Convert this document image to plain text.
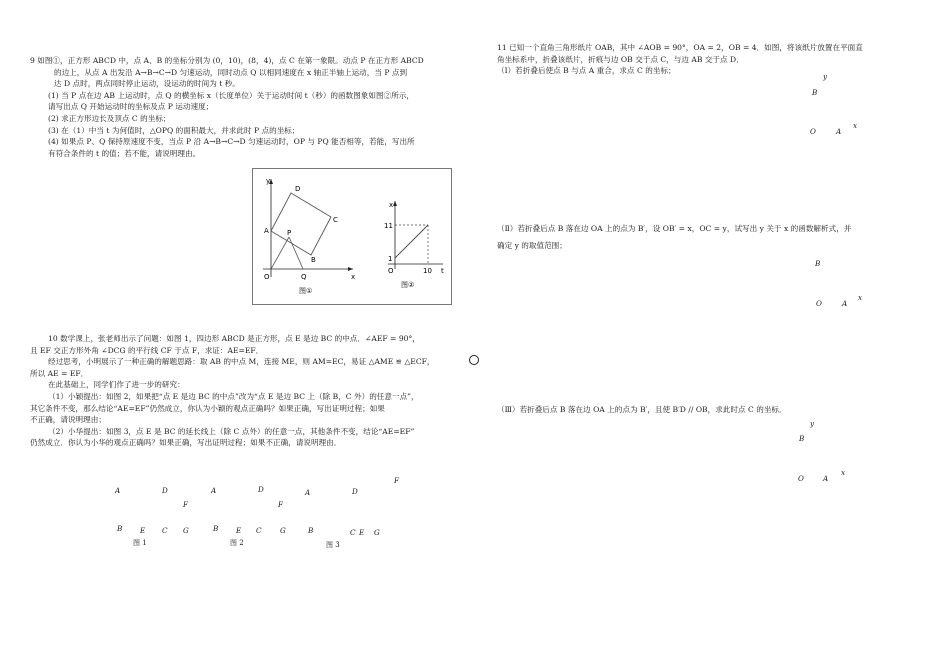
9 如图①，正方形 ABCD 中，点 A、B 的坐标分别为 (0，10)，(8，4)，点 C 在第一象限。动点 P 在正方形 ABCD
的边上，从点 A 出发沿 A→B→C→D 匀速运动，同时动点 Q 以相同速度在 x 轴正半轴上运动，当 P 点到
达 D 点时，两点同时停止运动，设运动的时间为 t 秒。
(1) 当 P 点在边 AB 上运动时，点 Q 的横坐标 x（长度单位）关于运动时间 t（秒）的函数图象如图②所示，
请写出点 Q 开始运动时的坐标及点 P 运动速度；
(2) 求正方形边长及顶点 C 的坐标；
(3) 在（1）中当 t 为何值时，△OPQ 的面积最大，并求此时 P 点的坐标；
(4) 如果点 P、Q 保持原速度不变，当点 P 沿 A→B→C→D 匀速运动时，OP 与 PQ 能否相等，若能，写出所
有符合条件的 t 的值；若不能，请说明理由。
y
x
O
A
D
C
B
P
Q
图①
x
t
O
11
1
10
图②
10 数学课上，张老师出示了问题：如图 1，四边形 ABCD 是正方形，点 E 是边 BC 的中点．∠AEF = 90°，
且 EF 交正方形外角 ∠DCG 的平行线 CF 于点 F，求证：AE=EF．
经过思考，小明展示了一种正确的解题思路：取 AB 的中点 M，连接 ME，则 AM=EC，易证 △AME ≌ △ECF，
所以 AE = EF．
在此基础上，同学们作了进一步的研究：
（1）小颖提出：如图 2，如果把“点 E 是边 BC 的中点”改为“点 E 是边 BC 上（除 B，C 外）的任意一点”，
其它条件不变，那么结论“AE=EF”仍然成立，你认为小颖的观点正确吗？如果正确，写出证明过程；如果
不正确，请说明理由；
（2）小华提出：如图 3，点 E 是 BC 的延长线上（除 C 点外）的任意一点，其他条件不变，结论“AE=EF”
仍然成立．你认为小华的观点正确吗？如果正确，写出证明过程；如果不正确，请说明理由．
A	D
F
B E C G
图 1
A	D
F
B E C	G
图 2
A	D
F
B	C E G
图 3
11 已知一个直角三角形纸片 OAB，其中 ∠AOB = 90°，OA = 2，OB = 4．如图，将该纸片放置在平面直
角坐标系中，折叠该纸片，折痕与边 OB 交于点 C，与边 AB 交于点 D．
（Ⅰ）若折叠后使点 B 与点 A 重合，求点 C 的坐标；
y
B
O	A
x
（Ⅱ）若折叠后点 B 落在边 OA 上的点为 B′，设 OB′ = x，OC = y，试写出 y 关于 x 的函数解析式，并
确定 y 的取值范围；
B
O	A
x
（Ⅲ）若折叠后点 B 落在边 OA 上的点为 B′，且使 B′D // OB，求此时点 C 的坐标．
y
B
O	A
x
